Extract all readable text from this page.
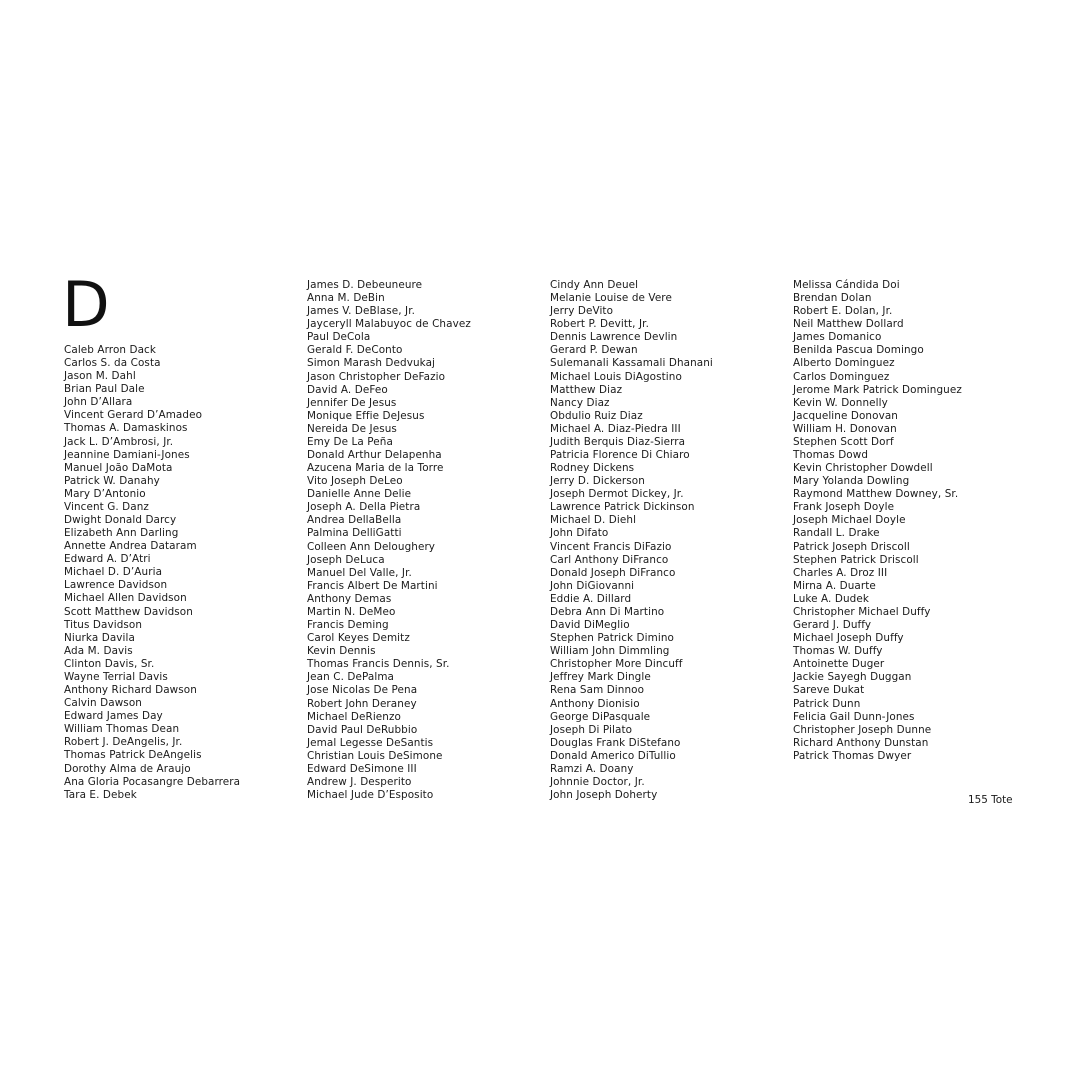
D
Caleb Arron Dack
Carlos S. da Costa
Jason M. Dahl
Brian Paul Dale
John D’Allara
Vincent Gerard D’Amadeo
Thomas A. Damaskinos
Jack L. D’Ambrosi, Jr.
Jeannine Damiani-Jones
Manuel João DaMota
Patrick W. Danahy
Mary D’Antonio
Vincent G. Danz
Dwight Donald Darcy
Elizabeth Ann Darling
Annette Andrea Dataram
Edward A. D’Atri
Michael D. D’Auria
Lawrence Davidson
Michael Allen Davidson
Scott Matthew Davidson
Titus Davidson
Niurka Davila
Ada M. Davis
Clinton Davis, Sr.
Wayne Terrial Davis
Anthony Richard Dawson
Calvin Dawson
Edward James Day
William Thomas Dean
Robert J. DeAngelis, Jr.
Thomas Patrick DeAngelis
Dorothy Alma de Araujo
Ana Gloria Pocasangre Debarrera
Tara E. Debek
James D. Debeuneure
Anna M. DeBin
James V. DeBlase, Jr.
Jayceryll Malabuyoc de Chavez
Paul DeCola
Gerald F. DeConto
Simon Marash Dedvukaj
Jason Christopher DeFazio
David A. DeFeo
Jennifer De Jesus
Monique Effie DeJesus
Nereida De Jesus
Emy De La Peña
Donald Arthur Delapenha
Azucena Maria de la Torre
Vito Joseph DeLeo
Danielle Anne Delie
Joseph A. Della Pietra
Andrea DellaBella
Palmina DelliGatti
Colleen Ann Deloughery
Joseph DeLuca
Manuel Del Valle, Jr.
Francis Albert De Martini
Anthony Demas
Martin N. DeMeo
Francis Deming
Carol Keyes Demitz
Kevin Dennis
Thomas Francis Dennis, Sr.
Jean C. DePalma
Jose Nicolas De Pena
Robert John Deraney
Michael DeRienzo
David Paul DeRubbio
Jemal Legesse DeSantis
Christian Louis DeSimone
Edward DeSimone III
Andrew J. Desperito
Michael Jude D’Esposito
Cindy Ann Deuel
Melanie Louise de Vere
Jerry DeVito
Robert P. Devitt, Jr.
Dennis Lawrence Devlin
Gerard P. Dewan
Sulemanali Kassamali Dhanani
Michael Louis DiAgostino
Matthew Diaz
Nancy Diaz
Obdulio Ruiz Diaz
Michael A. Diaz-Piedra III
Judith Berquis Diaz-Sierra
Patricia Florence Di Chiaro
Rodney Dickens
Jerry D. Dickerson
Joseph Dermot Dickey, Jr.
Lawrence Patrick Dickinson
Michael D. Diehl
John Difato
Vincent Francis DiFazio
Carl Anthony DiFranco
Donald Joseph DiFranco
John DiGiovanni
Eddie A. Dillard
Debra Ann Di Martino
David DiMeglio
Stephen Patrick Dimino
William John Dimmling
Christopher More Dincuff
Jeffrey Mark Dingle
Rena Sam Dinnoo
Anthony Dionisio
George DiPasquale
Joseph Di Pilato
Douglas Frank DiStefano
Donald Americo DiTullio
Ramzi A. Doany
Johnnie Doctor, Jr.
John Joseph Doherty
Melissa Cándida Doi
Brendan Dolan
Robert E. Dolan, Jr.
Neil Matthew Dollard
James Domanico
Benilda Pascua Domingo
Alberto Dominguez
Carlos Dominguez
Jerome Mark Patrick Dominguez
Kevin W. Donnelly
Jacqueline Donovan
William H. Donovan
Stephen Scott Dorf
Thomas Dowd
Kevin Christopher Dowdell
Mary Yolanda Dowling
Raymond Matthew Downey, Sr.
Frank Joseph Doyle
Joseph Michael Doyle
Randall L. Drake
Patrick Joseph Driscoll
Stephen Patrick Driscoll
Charles A. Droz III
Mirna A. Duarte
Luke A. Dudek
Christopher Michael Duffy
Gerard J. Duffy
Michael Joseph Duffy
Thomas W. Duffy
Antoinette Duger
Jackie Sayegh Duggan
Sareve Dukat
Patrick Dunn
Felicia Gail Dunn-Jones
Christopher Joseph Dunne
Richard Anthony Dunstan
Patrick Thomas Dwyer
155 Tote
